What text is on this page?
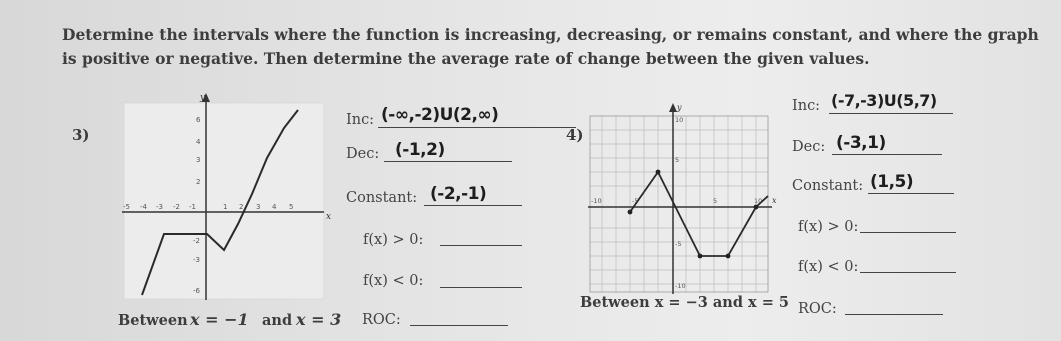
Determine the intervals where the function is increasing, decreasing, or remains constant, and where the graph
is positive or negative. Then determine the average rate of change between the given values.
3)
y
x
6
4
3
2
-2
-3
-6
-5 -4 -3 -2 -1	1 2 3 4 5
Inc: (-∞,-2)U(2,∞)
Dec: (-1,2)
Constant: (-2,-1)
f(x) > 0:
f(x) < 0:
Between x = −1 and x = 3 ROC:
4)
y
x
10
5
-5
-10
-10	-5	5	10
Inc: (-7,-3)U(5,7)
Dec: (-3,1)
Constant: (1,5)
f(x) > 0:
f(x) < 0:
Between x = −3 and x = 5 ROC:
